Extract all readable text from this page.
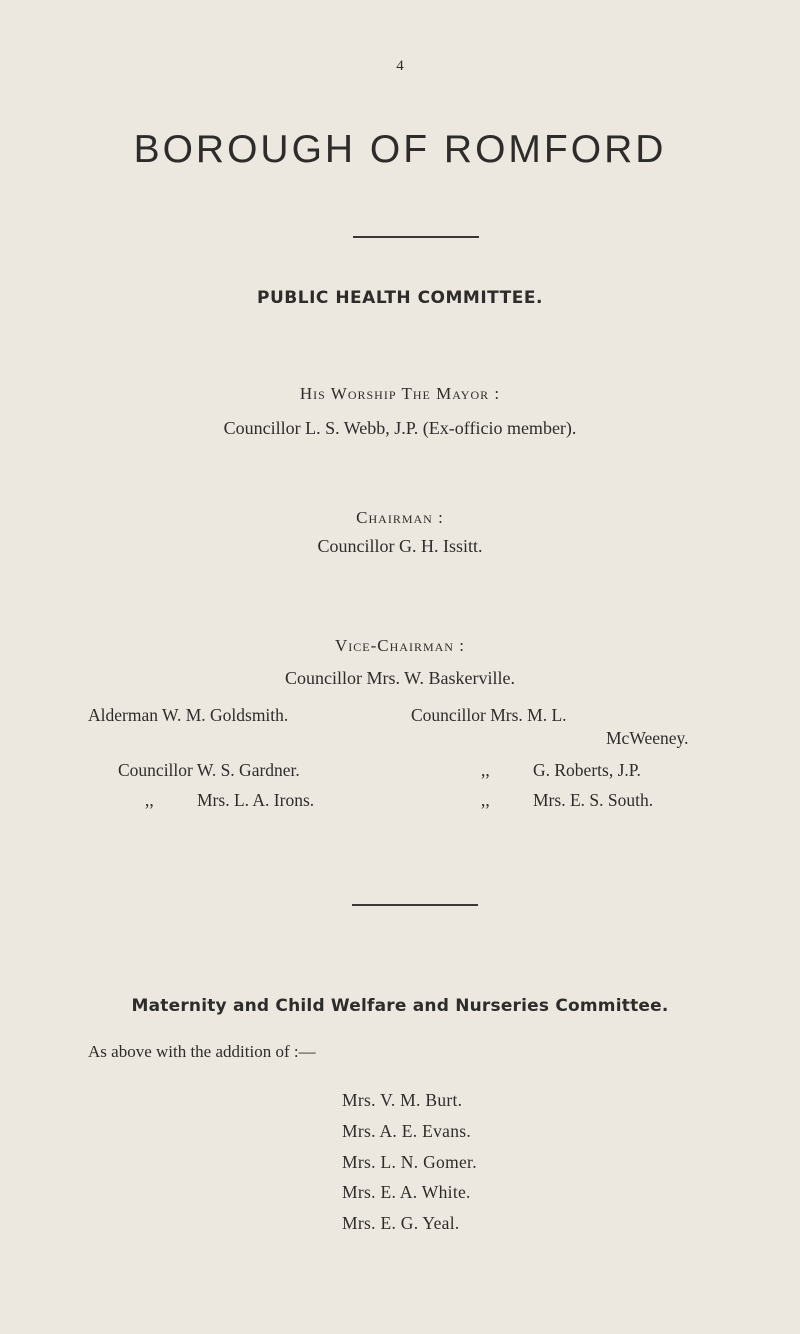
4
BOROUGH OF ROMFORD
PUBLIC HEALTH COMMITTEE.
His Worship The Mayor :
Councillor L. S. Webb, J.P. (Ex-officio member).
Chairman :
Councillor G. H. Issitt.
Vice-Chairman :
Councillor Mrs. W. Baskerville.
Alderman W. M. Goldsmith.
Councillor W. S. Gardner.
,, Mrs. L. A. Irons.
Councillor Mrs. M. L.
McWeeney.
,, G. Roberts, J.P.
,, Mrs. E. S. South.
Maternity and Child Welfare and Nurseries Committee.
As above with the addition of :—
Mrs. V. M. Burt.
Mrs. A. E. Evans.
Mrs. L. N. Gomer.
Mrs. E. A. White.
Mrs. E. G. Yeal.
